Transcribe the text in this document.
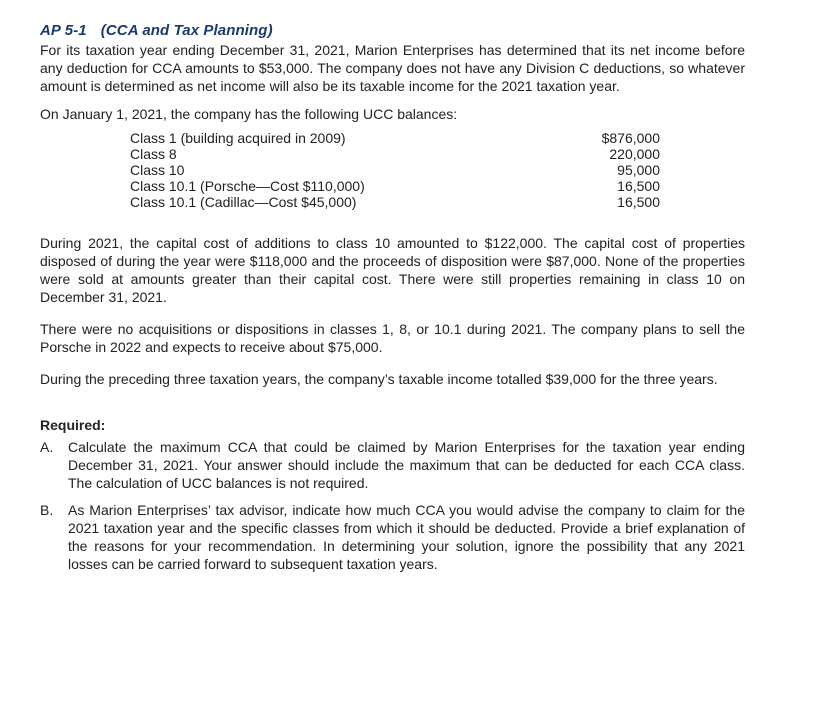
AP 5-1 (CCA and Tax Planning)

For its taxation year ending December 31, 2021, Marion Enterprises has determined that its net income before any deduction for CCA amounts to $53,000. The company does not have any Division C deductions, so whatever amount is determined as net income will also be its taxable income for the 2021 taxation year.

On January 1, 2021, the company has the following UCC balances:

Class 1 (building acquired in 2009)	$876,000
Class 8	220,000
Class 10	95,000
Class 10.1 (Porsche—Cost $110,000)	16,500
Class 10.1 (Cadillac—Cost $45,000)	16,500

During 2021, the capital cost of additions to class 10 amounted to $122,000. The capital cost of properties disposed of during the year were $118,000 and the proceeds of disposition were $87,000. None of the properties were sold at amounts greater than their capital cost. There were still properties remaining in class 10 on December 31, 2021.

There were no acquisitions or dispositions in classes 1, 8, or 10.1 during 2021. The company plans to sell the Porsche in 2022 and expects to receive about $75,000.

During the preceding three taxation years, the company’s taxable income totalled $39,000 for the three years.

Required:
A.	Calculate the maximum CCA that could be claimed by Marion Enterprises for the taxation year ending December 31, 2021. Your answer should include the maximum that can be deducted for each CCA class. The calculation of UCC balances is not required.

B.	As Marion Enterprises’ tax advisor, indicate how much CCA you would advise the company to claim for the 2021 taxation year and the specific classes from which it should be deducted. Provide a brief explanation of the reasons for your recommendation. In determining your solution, ignore the possibility that any 2021 losses can be carried forward to subsequent taxation years.
